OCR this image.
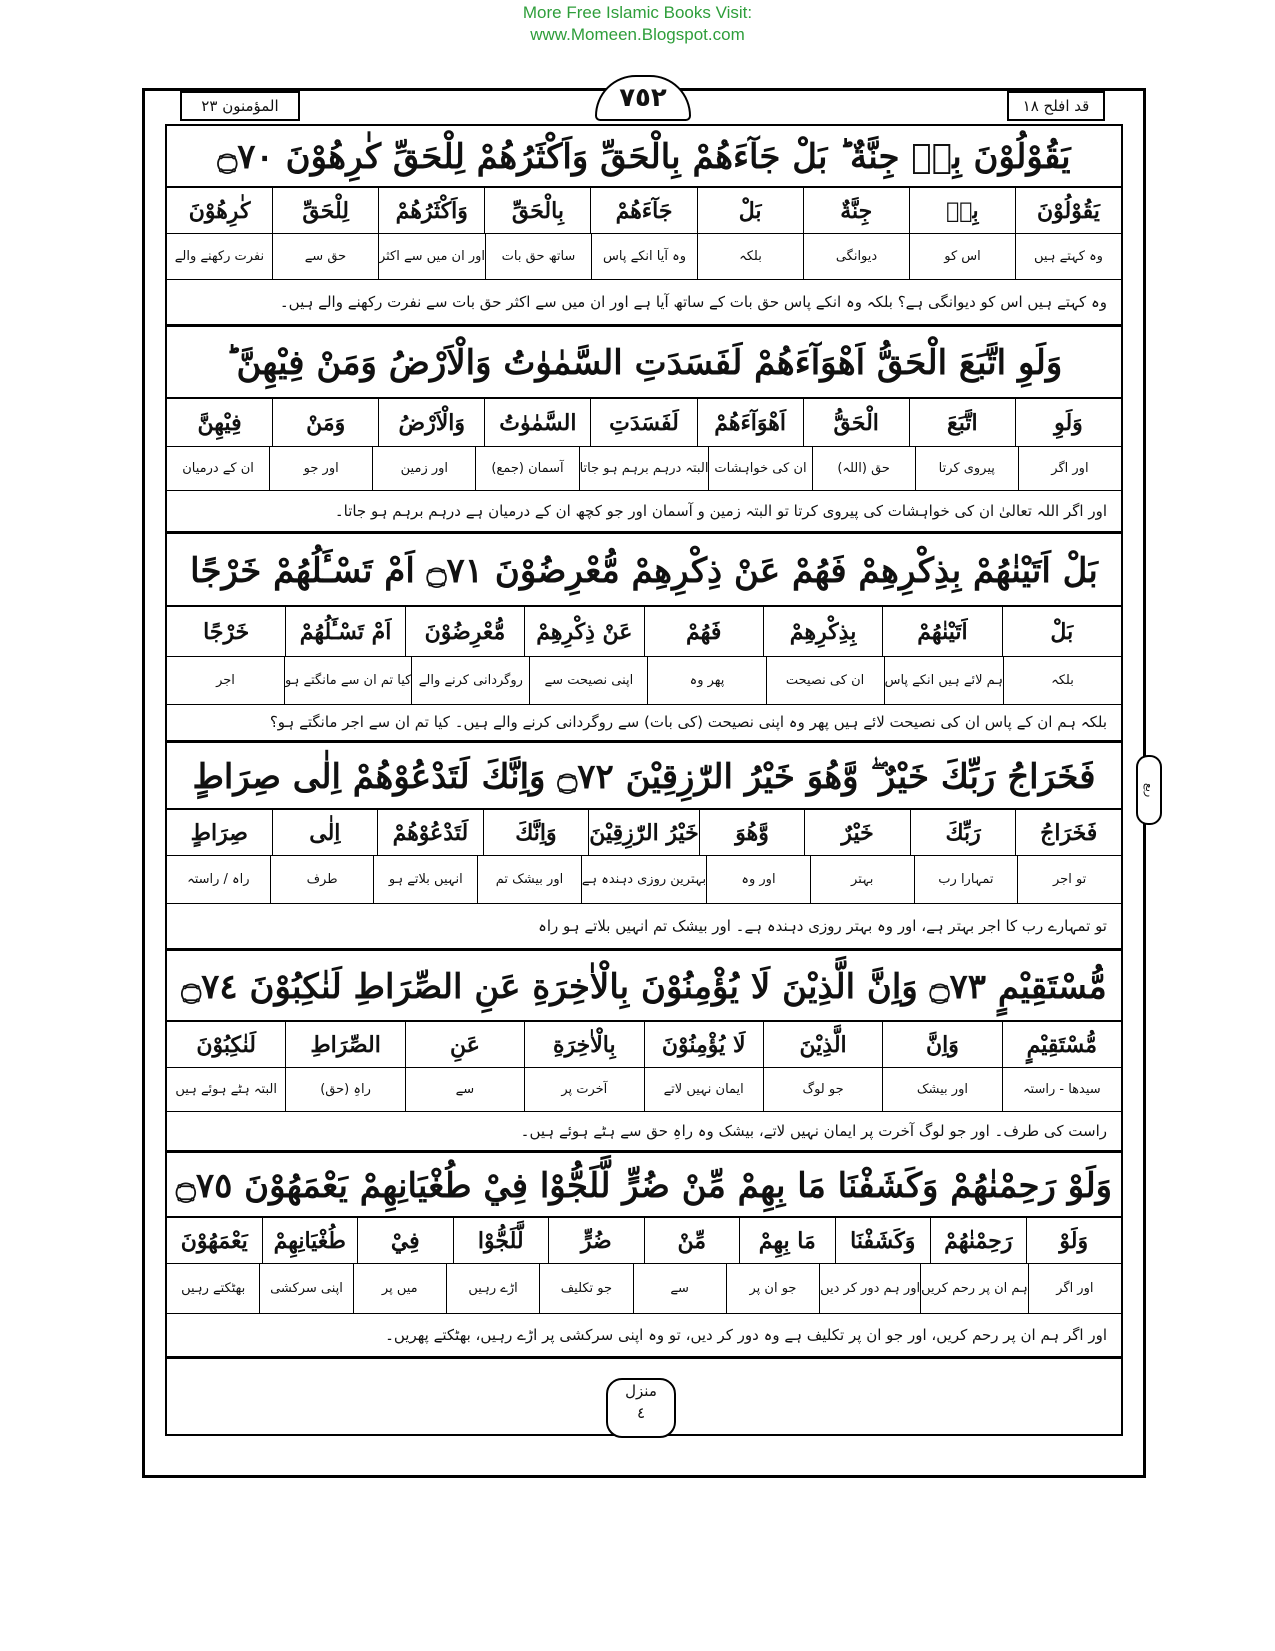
More Free Islamic Books Visit:
www.Momeen.Blogspot.com
المؤمنون ٢٣	قد افلح ١٨
٧٥٢
ربع
يَقُوْلُوْنَ بِهٖ جِنَّةٌ ؕ بَلْ جَآءَهُمْ بِالْحَقِّ وَاَكْثَرُهُمْ لِلْحَقِّ كٰرِهُوْنَ ۝٧٠
يَقُوْلُوْنَ
بِهٖ
جِنَّةٌ
بَلْ
جَآءَهُمْ
بِالْحَقِّ
وَاَكْثَرُهُمْ
لِلْحَقِّ
كٰرِهُوْنَ
وہ کہتے ہیں
اس کو
دیوانگی
بلکہ
وہ آیا انکے پاس
ساتھ حق بات
اور ان میں سے اکثر
حق سے
نفرت رکھنے والے
وہ کہتے ہیں اس کو دیوانگی ہے؟ بلکہ وہ انکے پاس حق بات کے ساتھ آیا ہے اور ان میں سے اکثر حق بات سے نفرت رکھنے والے ہیں۔
وَلَوِ اتَّبَعَ الْحَقُّ اَهْوَآءَهُمْ لَفَسَدَتِ السَّمٰوٰتُ وَالْاَرْضُ وَمَنْ فِيْهِنَّ ؕ
وَلَوِ
اتَّبَعَ
الْحَقُّ
اَهْوَآءَهُمْ
لَفَسَدَتِ
السَّمٰوٰتُ
وَالْاَرْضُ
وَمَنْ
فِيْهِنَّ
اور اگر
پیروی کرتا
حق (اللہ)
ان کی خواہشات
البتہ درہم برہم ہو جاتا
آسمان (جمع)
اور زمین
اور جو
ان کے درمیان
اور اگر اللہ تعالیٰ ان کی خواہشات کی پیروی کرتا تو البتہ زمین و آسمان اور جو کچھ ان کے درمیان ہے درہم برہم ہو جاتا۔
بَلْ اَتَيْنٰهُمْ بِذِكْرِهِمْ فَهُمْ عَنْ ذِكْرِهِمْ مُّعْرِضُوْنَ ۝٧١ اَمْ تَسْـَٔلُهُمْ خَرْجًا
بَلْ
اَتَيْنٰهُمْ
بِذِكْرِهِمْ
فَهُمْ
عَنْ ذِكْرِهِمْ
مُّعْرِضُوْنَ
اَمْ تَسْـَٔلُهُمْ
خَرْجًا
بلکہ
ہم لائے ہیں انکے پاس
ان کی نصیحت
پھر وہ
اپنی نصیحت سے
روگردانی کرنے والے
کیا تم ان سے مانگتے ہو
اجر
بلکہ ہم ان کے پاس ان کی نصیحت لائے ہیں پھر وہ اپنی نصیحت (کی بات) سے روگردانی کرنے والے ہیں۔ کیا تم ان سے اجر مانگتے ہو؟
فَخَرَاجُ رَبِّكَ خَيْرٌ ۖ وَّهُوَ خَيْرُ الرّٰزِقِيْنَ ۝٧٢ وَاِنَّكَ لَتَدْعُوْهُمْ اِلٰى صِرَاطٍ
فَخَرَاجُ
رَبِّكَ
خَيْرٌ
وَّهُوَ
خَيْرُ الرّٰزِقِيْنَ
وَاِنَّكَ
لَتَدْعُوْهُمْ
اِلٰى
صِرَاطٍ
تو اجر
تمہارا رب
بہتر
اور وہ
بہترین روزی دہندہ ہے
اور بیشک تم
انہیں بلاتے ہو
طرف
راہ / راستہ
تو تمہارے رب کا اجر بہتر ہے، اور وہ بہتر روزی دہندہ ہے۔ اور بیشک تم انہیں بلاتے ہو راہ
مُّسْتَقِيْمٍ ۝٧٣ وَاِنَّ الَّذِيْنَ لَا يُؤْمِنُوْنَ بِالْاٰخِرَةِ عَنِ الصِّرَاطِ لَنٰكِبُوْنَ ۝٧٤
مُّسْتَقِيْمٍ
وَاِنَّ
الَّذِيْنَ
لَا يُؤْمِنُوْنَ
بِالْاٰخِرَةِ
عَنِ
الصِّرَاطِ
لَنٰكِبُوْنَ
سیدھا - راستہ
اور بیشک
جو لوگ
ایمان نہیں لاتے
آخرت پر
سے
راہِ (حق)
البتہ ہٹے ہوئے ہیں
راست کی طرف۔ اور جو لوگ آخرت پر ایمان نہیں لاتے، بیشک وہ راہِ حق سے ہٹے ہوئے ہیں۔
وَلَوْ رَحِمْنٰهُمْ وَكَشَفْنَا مَا بِهِمْ مِّنْ ضُرٍّ لَّلَجُّوْا فِيْ طُغْيَانِهِمْ يَعْمَهُوْنَ ۝٧٥
وَلَوْ
رَحِمْنٰهُمْ
وَكَشَفْنَا
مَا بِهِمْ
مِّنْ
ضُرٍّ
لَّلَجُّوْا
فِيْ
طُغْيَانِهِمْ
يَعْمَهُوْنَ
اور اگر
ہم ان پر رحم کریں
اور ہم دور کر دیں
جو ان پر
سے
جو تکلیف
اڑے رہیں
میں پر
اپنی سرکشی
بھٹکتے رہیں
اور اگر ہم ان پر رحم کریں، اور جو ان پر تکلیف ہے وہ دور کر دیں، تو وہ اپنی سرکشی پر اڑے رہیں، بھٹکتے پھریں۔
منزل
٤
